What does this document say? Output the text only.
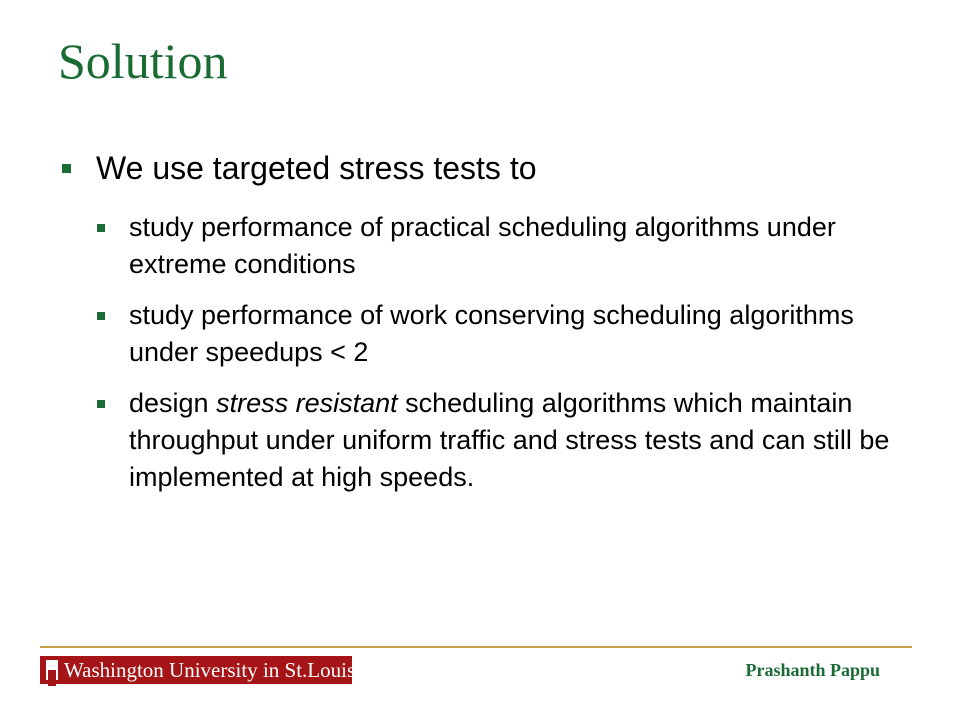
Solution
We use targeted stress tests to
study performance of practical scheduling algorithms under extreme conditions
study performance of work conserving scheduling algorithms under speedups < 2
design stress resistant scheduling algorithms which maintain throughput under uniform traffic and stress tests and can still be implemented at high speeds.
Washington University in St.Louis	Prashanth Pappu
